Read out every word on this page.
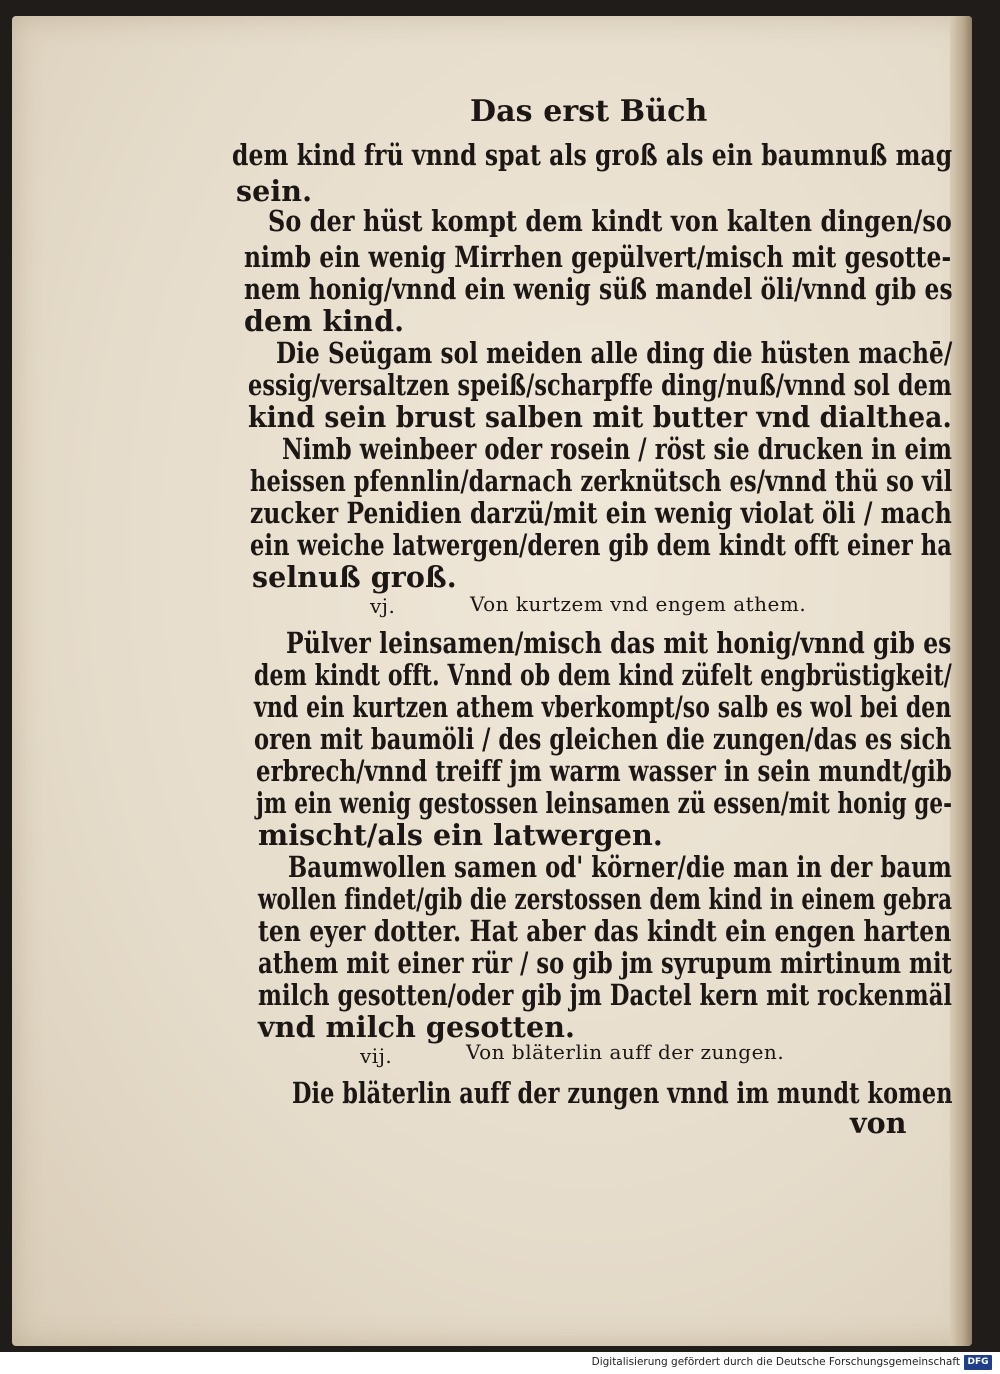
Das erst Büch
dem kind frü vnnd spat als groß als ein baumnuß mag
sein.
So der hüst kompt dem kindt von kalten dingen/so
nimb ein wenig Mirrhen gepülvert/misch mit gesotte-
nem honig/vnnd ein wenig süß mandel öli/vnnd gib es
dem kind.
Die Seügam sol meiden alle ding die hüsten machē/
essig/versaltzen speiß/scharpffe ding/nuß/vnnd sol dem
kind sein brust salben mit butter vnd dialthea.
Nimb weinbeer oder rosein / röst sie drucken in eim
heissen pfennlin/darnach zerknütsch es/vnnd thü so vil
zucker Penidien darzü/mit ein wenig violat öli / mach
ein weiche latwergen/deren gib dem kindt offt einer ha
selnuß groß.
vj.	Von kurtzem vnd engem athem.
Pülver leinsamen/misch das mit honig/vnnd gib es
dem kindt offt. Vnnd ob dem kind züfelt engbrüstigkeit/
vnd ein kurtzen athem vberkompt/so salb es wol bei den
oren mit baumöli / des gleichen die zungen/das es sich
erbrech/vnnd treiff jm warm wasser in sein mundt/gib
jm ein wenig gestossen leinsamen zü essen/mit honig ge-
mischt/als ein latwergen.
Baumwollen samen od' körner/die man in der baum
wollen findet/gib die zerstossen dem kind in einem gebra
ten eyer dotter. Hat aber das kindt ein engen harten
athem mit einer rür / so gib jm syrupum mirtinum mit
milch gesotten/oder gib jm Dactel kern mit rockenmäl
vnd milch gesotten.
vij.	Von bläterlin auff der zungen.
Die bläterlin auff der zungen vnnd im mundt komen
von
Digitalisierung gefördert durch die Deutsche Forschungsgemeinschaft DFG
